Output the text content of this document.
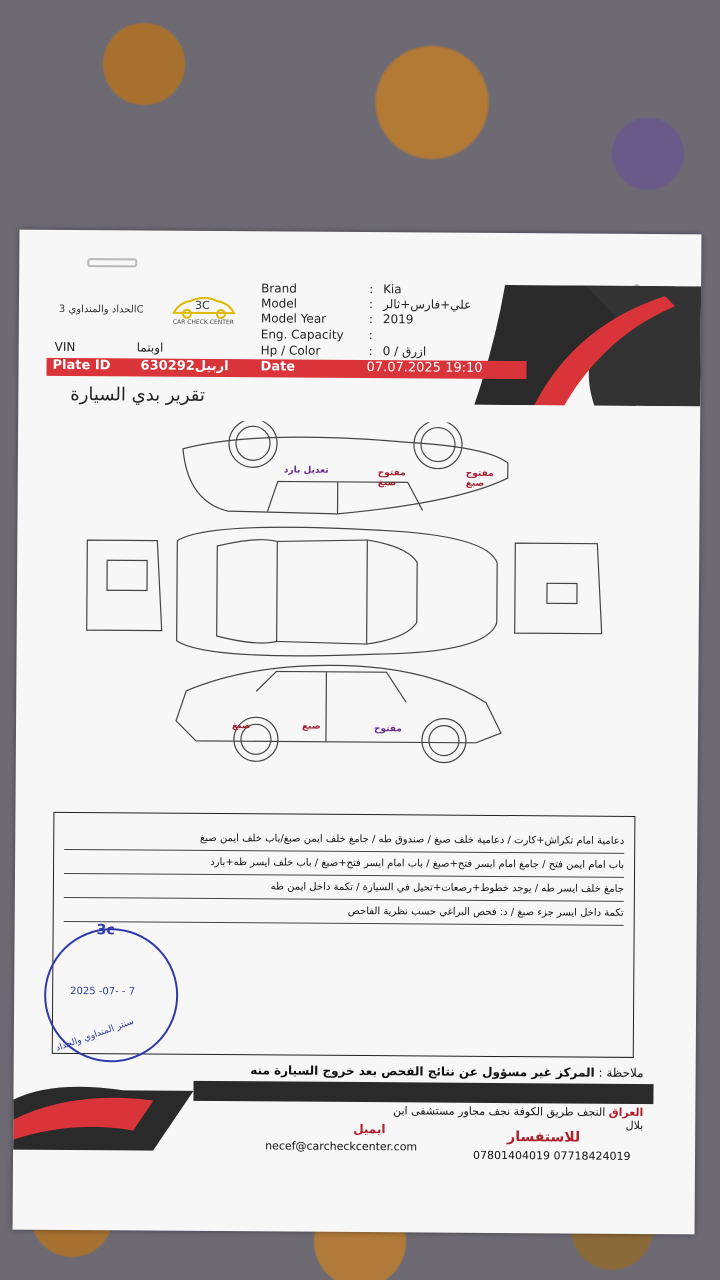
3C
CAR CHECK CENTER
الحداد والمنداوي 3C
Brand	: Kia
Model	: علي+فارس+ثالر
Model Year	: 2019
Eng. Capacity :
Hp / Color	: ازرق / 0
VIN	اوبتما
Plate ID اربيل630292 Date	07.07.2025 19:10
تقرير بدي السيارة
تعديل بارد	مفتوح صبغ
مفتوح صبغ
صبغ	صبغ	مفتوح
دعامية امام تكراش+كارت / دعامية خلف صبغ / صندوق طه / جامغ خلف ايمن صبغ/باب خلف ايمن صبغ
باب امام ايمن فتح / جامغ امام ايسر فتح+صبغ / باب امام ايسر فتح+صبغ / باب خلف ايسر طه+بارد
جامغ خلف ايسر طه / يوجد خطوط+رصعات+تحيل في السيارة / تكمة داخل ايمن طه
تكمة داخل ايسر جزء صبغ / د: فحص البراغي حسب نظرية الفاحص
3c
2025 -07- - 7
سنتر المنداوي والحداد
ملاحظة : المركز غير مسؤول عن نتائج الفحص بعد خروج السيارة منه
العراق النجف طريق الكوفة نجف مجاور مستشفى ابن بلال
ايميل
necef@carcheckcenter.com
للاستفسار
07801404019 07718424019
